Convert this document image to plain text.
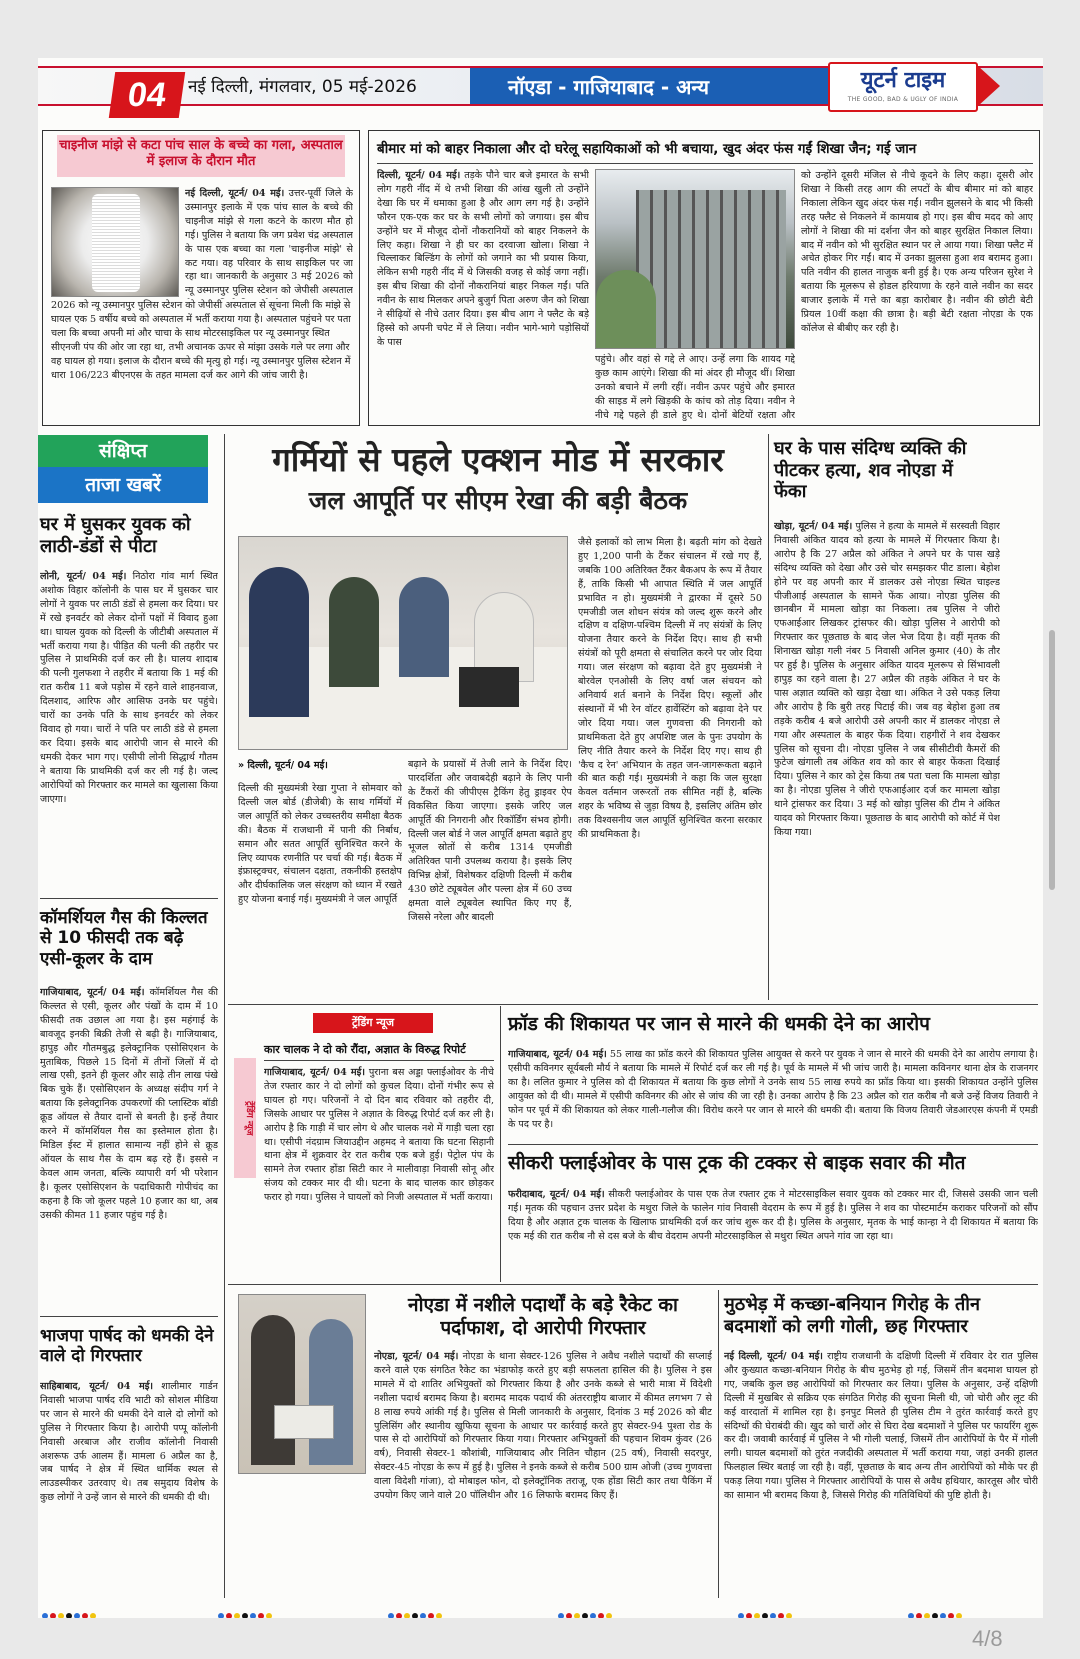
04	नई दिल्ली, मंगलवार, 05 मई-2026	नॉएडा - गाजियाबाद - अन्य	यूटर्न टाइम
THE GOOD, BAD & UGLY OF INDIA
चाइनीज मांझे से कटा पांच साल के बच्चे का गला, अस्पताल में इलाज के दौरान मौत
नई दिल्ली, यूटर्न/ 04 मई। उत्तर-पूर्वी जिले के उस्मानपुर इलाके में एक पांच साल के बच्चे की चाइनीज मांझे से गला कटने के कारण मौत हो गई। पुलिस ने बताया कि जग प्रवेश चंद्र अस्पताल के पास एक बच्चा का गला 'चाइनीज मांझे' से कट गया। वह परिवार के साथ साइकिल पर जा रहा था। जानकारी के अनुसार 3 मई 2026 को न्यू उस्मानपुर पुलिस स्टेशन को जेपीसी अस्पताल
2026 को न्यू उस्मानपुर पुलिस स्टेशन को जेपीसी अस्पताल से सूचना मिली कि मांझे से घायल एक 5 वर्षीय बच्चे को अस्पताल में भर्ती कराया गया है। अस्पताल पहुंचने पर पता चला कि बच्चा अपनी मां और चाचा के साथ मोटरसाइकिल पर न्यू उस्मानपुर स्थित सीएनजी पंप की ओर जा रहा था, तभी अचानक ऊपर से मांझा उसके गले पर लगा और वह घायल हो गया। इलाज के दौरान बच्चे की मृत्यु हो गई। न्यू उस्मानपुर पुलिस स्टेशन में धारा 106/223 बीएनएस के तहत मामला दर्ज कर आगे की जांच जारी है।
बीमार मां को बाहर निकाला और दो घरेलू सहायिकाओं को भी बचाया, खुद अंदर फंस गईं शिखा जैन; गई जान
दिल्ली, यूटर्न/ 04 मई। तड़के पौने चार बजे इमारत के सभी लोग गहरी नींद में थे तभी शिखा की आंख खुली तो उन्होंने देखा कि घर में धमाका हुआ है और आग लग गई है। उन्होंने फौरन एक-एक कर घर के सभी लोगों को जगाया। इस बीच उन्होंने घर में मौजूद दोनों नौकरानियों को बाहर निकलने के लिए कहा। शिखा ने ही घर का दरवाजा खोला। शिखा ने चिल्लाकर बिल्डिंग के लोगों को जगाने का भी प्रयास किया, लेकिन सभी गहरी नींद में थे जिसकी वजह से कोई जगा नहीं। इस बीच शिखा की दोनों नौकरानियां बाहर निकल गईं। पति नवीन के साथ मिलकर अपने बुजुर्ग पिता अरुण जैन को शिखा ने सीढ़ियों से नीचे उतार दिया। इस बीच आग ने फ्लैट के बड़े हिस्से को अपनी चपेट में ले लिया। नवीन भागे-भागे पड़ोसियों के पास
पहुंचे। और वहां से गद्दे ले आए। उन्हें लगा कि शायद गद्दे कुछ काम आएंगे। शिखा की मां अंदर ही मौजूद थीं। शिखा उनको बचाने में लगी रहीं। नवीन ऊपर पहुंचे और इमारत की साइड में लगे खिड़की के कांच को तोड़ दिया। नवीन ने नीचे गद्दे पहले ही डाले हुए थे। दोनों बेटियों रक्षता और
को उन्होंने दूसरी मंजिल से नीचे कूदने के लिए कहा। दूसरी ओर शिखा ने किसी तरह आग की लपटों के बीच बीमार मां को बाहर निकाला लेकिन खुद अंदर फंस गईं। नवीन झुलसने के बाद भी किसी तरह फ्लैट से निकलने में कामयाब हो गए। इस बीच मदद को आए लोगों ने शिखा की मां दर्शना जैन को बाहर सुरक्षित निकाल लिया। बाद में नवीन को भी सुरक्षित स्थान पर ले आया गया। शिखा फ्लैट में अचेत होकर गिर गईं। बाद में उनका झुलसा हुआ शव बरामद हुआ। पति नवीन की हालत नाजुक बनी हुई है। एक अन्य परिजन सुरेश ने बताया कि मूलरूप से होडल हरियाणा के रहने वाले नवीन का सदर बाजार इलाके में गत्ते का बड़ा कारोबार है। नवीन की छोटी बेटी प्रियल 10वीं कक्षा की छात्रा है। बड़ी बेटी रक्षता नोएडा के एक कॉलेज से बीबीए कर रही है।
संक्षिप्त
ताजा खबरें
घर में घुसकर युवक को लाठी-डंडों से पीटा
लोनी, यूटर्न/ 04 मई। निठोरा गांव मार्ग स्थित अशोक विहार कॉलोनी के पास घर में घुसकर चार लोगों ने युवक पर लाठी डंडों से हमला कर दिया। घर में रखे इनवर्टर को लेकर दोनों पक्षों में विवाद हुआ था। घायल युवक को दिल्ली के जीटीबी अस्पताल में भर्ती कराया गया है। पीड़ित की पत्नी की तहरीर पर पुलिस ने प्राथमिकी दर्ज कर ली है। घालय शादाब की पत्नी गुलफशा ने तहरीर में बताया कि 1 मई की रात करीब 11 बजे पड़ोस में रहने वाले शाहनवाज, दिलशाद, आरिफ और आसिफ उनके घर पहुंचे। चारों का उनके पति के साथ इनवर्टर को लेकर विवाद हो गया। चारों ने पति पर लाठी डंडे से हमला कर दिया। इसके बाद आरोपी जान से मारने की धमकी देकर भाग गए। एसीपी लोनी सिद्धार्थ गौतम ने बताया कि प्राथमिकी दर्ज कर ली गई है। जल्द आरोपियों को गिरफ्तार कर मामले का खुलासा किया जाएगा।
कॉमर्शियल गैस की किल्लत से 10 फीसदी तक बढ़े एसी-कूलर के दाम
गाजियाबाद, यूटर्न/ 04 मई। कॉमर्शियल गैस की किल्लत से एसी, कूलर और पंखों के दाम में 10 फीसदी तक उछाल आ गया है। इस महंगाई के बावजूद इनकी बिक्री तेजी से बढ़ी है। गाजियाबाद, हापुड़ और गौतमबुद्ध इलेक्ट्रानिक एसोसिएशन के मुताबिक, पिछले 15 दिनों में तीनों जिलों में दो लाख एसी, इतने ही कूलर और साढ़े तीन लाख पंखे बिक चुके हैं। एसोसिएशन के अध्यक्ष संदीप गर्ग ने बताया कि इलेक्ट्रानिक उपकरणों की प्लास्टिक बॉडी क्रूड ऑयल से तैयार दानों से बनती है। इन्हें तैयार करने में कॉमर्शियल गैस का इस्तेमाल होता है। मिडिल ईस्ट में हालात सामान्य नहीं होने से क्रूड ऑयल के साथ गैस के दाम बढ़ रहे हैं। इससे न केवल आम जनता, बल्कि व्यापारी वर्ग भी परेशान है। कूलर एसोसिएशन के पदाधिकारी गोपीचंद का कहना है कि जो कूलर पहले 10 हजार का था, अब उसकी कीमत 11 हजार पहुंच गई है।
भाजपा पार्षद को धमकी देने वाले दो गिरफ्तार
साहिबाबाद, यूटर्न/ 04 मई। शालीमार गार्डन निवासी भाजपा पार्षद रवि भाटी को सोशल मीडिया पर जान से मारने की धमकी देने वाले दो लोगों को पुलिस ने गिरफ्तार किया है। आरोपी पप्पू कॉलोनी निवासी अरबाज और राजीव कॉलोनी निवासी अशरूफ उर्फ आलम हैं। मामला 6 अप्रैल का है, जब पार्षद ने क्षेत्र में स्थित धार्मिक स्थल से लाउडस्पीकर उतरवाए थे। तब समुदाय विशेष के कुछ लोगों ने उन्हें जान से मारने की धमकी दी थी।
गर्मियों से पहले एक्शन मोड में सरकार
जल आपूर्ति पर सीएम रेखा की बड़ी बैठक
» दिल्ली, यूटर्न/ 04 मई।
दिल्ली की मुख्यमंत्री रेखा गुप्ता ने सोमवार को दिल्ली जल बोर्ड (डीजेबी) के साथ गर्मियों में जल आपूर्ति को लेकर उच्चस्तरीय समीक्षा बैठक की। बैठक में राजधानी में पानी की निर्बाध, समान और सतत आपूर्ति सुनिश्चित करने के लिए व्यापक रणनीति पर चर्चा की गई। बैठक में इंफ्रास्ट्रक्चर, संचालन दक्षता, तकनीकी हस्तक्षेप और दीर्घकालिक जल संरक्षण को ध्यान में रखते हुए योजना बनाई गई। मुख्यमंत्री ने जल आपूर्ति
बढ़ाने के प्रयासों में तेजी लाने के निर्देश दिए। पारदर्शिता और जवाबदेही बढ़ाने के लिए पानी के टैंकरों की जीपीएस ट्रैकिंग हेतु ड्राइवर ऐप विकसित किया जाएगा। इसके जरिए जल आपूर्ति की निगरानी और रिकॉर्डिंग संभव होगी। दिल्ली जल बोर्ड ने जल आपूर्ति क्षमता बढ़ाते हुए भूजल स्रोतों से करीब 1314 एमजीडी अतिरिक्त पानी उपलब्ध कराया है। इसके लिए विभिन्न क्षेत्रों, विशेषकर दक्षिणी दिल्ली में करीब 430 छोटे ट्यूबवेल और पल्ला क्षेत्र में 60 उच्च क्षमता वाले ट्यूबवेल स्थापित किए गए हैं, जिससे नरेला और बादली
जैसे इलाकों को लाभ मिला है। बढ़ती मांग को देखते हुए 1,200 पानी के टैंकर संचालन में रखे गए हैं, जबकि 100 अतिरिक्त टैंकर बैकअप के रूप में तैयार हैं, ताकि किसी भी आपात स्थिति में जल आपूर्ति प्रभावित न हो। मुख्यमंत्री ने द्वारका में दूसरे 50 एमजीडी जल शोधन संयंत्र को जल्द शुरू करने और दक्षिण व दक्षिण-पश्चिम दिल्ली में नए संयंत्रों के लिए योजना तैयार करने के निर्देश दिए। साथ ही सभी संयंत्रों को पूरी क्षमता से संचालित करने पर जोर दिया गया। जल संरक्षण को बढ़ावा देते हुए मुख्यमंत्री ने बोरवेल एनओसी के लिए वर्षा जल संचयन को अनिवार्य शर्त बनाने के निर्देश दिए। स्कूलों और संस्थानों में भी रेन वॉटर हार्वेस्टिंग को बढ़ावा देने पर जोर दिया गया। जल गुणवत्ता की निगरानी को प्राथमिकता देते हुए अपशिष्ट जल के पुनः उपयोग के लिए नीति तैयार करने के निर्देश दिए गए। साथ ही 'कैच द रेन' अभियान के तहत जन-जागरूकता बढ़ाने की बात कही गई। मुख्यमंत्री ने कहा कि जल सुरक्षा केवल वर्तमान जरूरतों तक सीमित नहीं है, बल्कि शहर के भविष्य से जुड़ा विषय है, इसलिए अंतिम छोर तक विश्वसनीय जल आपूर्ति सुनिश्चित करना सरकार की प्राथमिकता है।
घर के पास संदिग्ध व्यक्ति की पीटकर हत्या, शव नोएडा में फेंका
खोड़ा, यूटर्न/ 04 मई। पुलिस ने हत्या के मामले में सरस्वती विहार निवासी अंकित यादव को हत्या के मामले में गिरफ्तार किया है। आरोप है कि 27 अप्रैल को अंकित ने अपने घर के पास खड़े संदिग्ध व्यक्ति को देखा और उसे चोर समझकर पीट डाला। बेहोश होने पर वह अपनी कार में डालकर उसे नोएडा स्थित चाइल्ड पीजीआई अस्पताल के सामने फेंक आया। नोएडा पुलिस की छानबीन में मामला खोड़ा का निकला। तब पुलिस ने जीरो एफआईआर लिखकर ट्रांसफर की। खोड़ा पुलिस ने आरोपी को गिरफ्तार कर पूछताछ के बाद जेल भेज दिया है। वहीं मृतक की शिनाख्त खोड़ा गली नंबर 5 निवासी अनिल कुमार (40) के तौर पर हुई है। पुलिस के अनुसार अंकित यादव मूलरूप से सिंभावली हापुड़ का रहने वाला है। 27 अप्रैल की तड़के अंकित ने घर के पास अज्ञात व्यक्ति को खड़ा देखा था। अंकित ने उसे पकड़ लिया और आरोप है कि बुरी तरह पिटाई की। जब वह बेहोश हुआ तब तड़के करीब 4 बजे आरोपी उसे अपनी कार में डालकर नोएडा ले गया और अस्पताल के बाहर फेंक दिया। राहगीरों ने शव देखकर पुलिस को सूचना दी। नोएडा पुलिस ने जब सीसीटीवी कैमरों की फुटेज खंगाली तब अंकित शव को कार से बाहर फेंकता दिखाई दिया। पुलिस ने कार को ट्रेस किया तब पता चला कि मामला खोड़ा का है। नोएडा पुलिस ने जीरो एफआईआर दर्ज कर मामला खोड़ा थाने ट्रांसफर कर दिया। 3 मई को खोड़ा पुलिस की टीम ने अंकित यादव को गिरफ्तार किया। पूछताछ के बाद आरोपी को कोर्ट में पेश किया गया।
ट्रेंडिंग न्यूज
ट्रेंडिंग न्यूज
कार चालक ने दो को रौंदा, अज्ञात के विरुद्ध रिपोर्ट
गाजियाबाद, यूटर्न/ 04 मई। पुराना बस अड्डा फ्लाईओवर के नीचे तेज रफ्तार कार ने दो लोगों को कुचल दिया। दोनों गंभीर रूप से घायल हो गए। परिजनों ने दो दिन बाद रविवार को तहरीर दी, जिसके आधार पर पुलिस ने अज्ञात के विरुद्ध रिपोर्ट दर्ज कर ली है। आरोप है कि गाड़ी में चार लोग थे और चालक नशे में गाड़ी चला रहा था। एसीपी नंदग्राम जियाउद्दीन अहमद ने बताया कि घटना सिहानी थाना क्षेत्र में शुक्रवार देर रात करीब एक बजे हुई। पेट्रोल पंप के सामने तेज रफ्तार होंडा सिटी कार ने मालीवाड़ा निवासी सोनू और संजय को टक्कर मार दी थी। घटना के बाद चालक कार छोड़कर फरार हो गया। पुलिस ने घायलों को निजी अस्पताल में भर्ती कराया।
फ्रॉड की शिकायत पर जान से मारने की धमकी देने का आरोप
गाजियाबाद, यूटर्न/ 04 मई। 55 लाख का फ्रॉड करने की शिकायत पुलिस आयुक्त से करने पर युवक ने जान से मारने की धमकी देने का आरोप लगाया है। एसीपी कविनगर सूर्यबली मौर्य ने बताया कि मामले में रिपोर्ट दर्ज कर ली गई है। पूर्व के मामले में भी जांच जारी है। मामला कविनगर थाना क्षेत्र के राजनगर का है। ललित कुमार ने पुलिस को दी शिकायत में बताया कि कुछ लोगों ने उनके साथ 55 लाख रुपये का फ्रॉड किया था। इसकी शिकायत उन्होंने पुलिस आयुक्त को दी थी। मामले में एसीपी कविनगर की ओर से जांच की जा रही है। उनका आरोप है कि 23 अप्रैल को रात करीब नौ बजे उन्हें विजय तिवारी ने फोन पर पूर्व में की शिकायत को लेकर गाली-गलौज की। विरोध करने पर जान से मारने की धमकी दी। बताया कि विजय तिवारी जेडआरएस कंपनी में एमडी के पद पर है।
सीकरी फ्लाईओवर के पास ट्रक की टक्कर से बाइक सवार की मौत
फरीदाबाद, यूटर्न/ 04 मई। सीकरी फ्लाईओवर के पास एक तेज रफ्तार ट्रक ने मोटरसाइकिल सवार युवक को टक्कर मार दी, जिससे उसकी जान चली गई। मृतक की पहचान उत्तर प्रदेश के मथुरा जिले के फालेन गांव निवासी वेदराम के रूप में हुई है। पुलिस ने शव का पोस्टमार्टम कराकर परिजनों को सौंप दिया है और अज्ञात ट्रक चालक के खिलाफ प्राथमिकी दर्ज कर जांच शुरू कर दी है। पुलिस के अनुसार, मृतक के भाई कान्हा ने दी शिकायत में बताया कि एक मई की रात करीब नौ से दस बजे के बीच वेदराम अपनी मोटरसाइकिल से मथुरा स्थित अपने गांव जा रहा था।
नोएडा में नशीले पदार्थों के बड़े रैकेट का पर्दाफाश, दो आरोपी गिरफ्तार
नोएडा, यूटर्न/ 04 मई। नोएडा के थाना सेक्टर-126 पुलिस ने अवैध नशीले पदार्थों की सप्लाई करने वाले एक संगठित रैकेट का भंडाफोड़ करते हुए बड़ी सफलता हासिल की है। पुलिस ने इस मामले में दो शातिर अभियुक्तों को गिरफ्तार किया है और उनके कब्जे से भारी मात्रा में विदेशी नशीला पदार्थ बरामद किया है। बरामद मादक पदार्थ की अंतरराष्ट्रीय बाजार में कीमत लगभग 7 से 8 लाख रुपये आंकी गई है। पुलिस से मिली जानकारी के अनुसार, दिनांक 3 मई 2026 को बीट पुलिसिंग और स्थानीय खुफिया सूचना के आधार पर कार्रवाई करते हुए सेक्टर-94 पुश्ता रोड के पास से दो आरोपियों को गिरफ्तार किया गया। गिरफ्तार अभियुक्तों की पहचान शिवम कुंवर (26 वर्ष), निवासी सेक्टर-1 कौशांबी, गाजियाबाद और नितिन चौहान (25 वर्ष), निवासी सदरपुर, सेक्टर-45 नोएडा के रूप में हुई है। पुलिस ने इनके कब्जे से करीब 500 ग्राम ओजी (उच्च गुणवत्ता वाला विदेशी गांजा), दो मोबाइल फोन, दो इलेक्ट्रॉनिक तराजू, एक होंडा सिटी कार तथा पैकिंग में उपयोग किए जाने वाले 20 पॉलिथीन और 16 लिफाफे बरामद किए हैं।
मुठभेड़ में कच्छा-बनियान गिरोह के तीन बदमाशों को लगी गोली, छह गिरफ्तार
नई दिल्ली, यूटर्न/ 04 मई। राष्ट्रीय राजधानी के दक्षिणी दिल्ली में रविवार देर रात पुलिस और कुख्यात कच्छा-बनियान गिरोह के बीच मुठभेड़ हो गई, जिसमें तीन बदमाश घायल हो गए, जबकि कुल छह आरोपियों को गिरफ्तार कर लिया। पुलिस के अनुसार, उन्हें दक्षिणी दिल्ली में मुखबिर से सक्रिय एक संगठित गिरोह की सूचना मिली थी, जो चोरी और लूट की कई वारदातों में शामिल रहा है। इनपुट मिलते ही पुलिस टीम ने तुरंत कार्रवाई करते हुए संदिग्धों की घेराबंदी की। खुद को चारों ओर से घिरा देख बदमाशों ने पुलिस पर फायरिंग शुरू कर दी। जवाबी कार्रवाई में पुलिस ने भी गोली चलाई, जिसमें तीन आरोपियों के पैर में गोली लगी। घायल बदमाशों को तुरंत नजदीकी अस्पताल में भर्ती कराया गया, जहां उनकी हालत फिलहाल स्थिर बताई जा रही है। वहीं, पूछताछ के बाद अन्य तीन आरोपियों को मौके पर ही पकड़ लिया गया। पुलिस ने गिरफ्तार आरोपियों के पास से अवैध हथियार, कारतूस और चोरी का सामान भी बरामद किया है, जिससे गिरोह की गतिविधियों की पुष्टि होती है।
4/8
